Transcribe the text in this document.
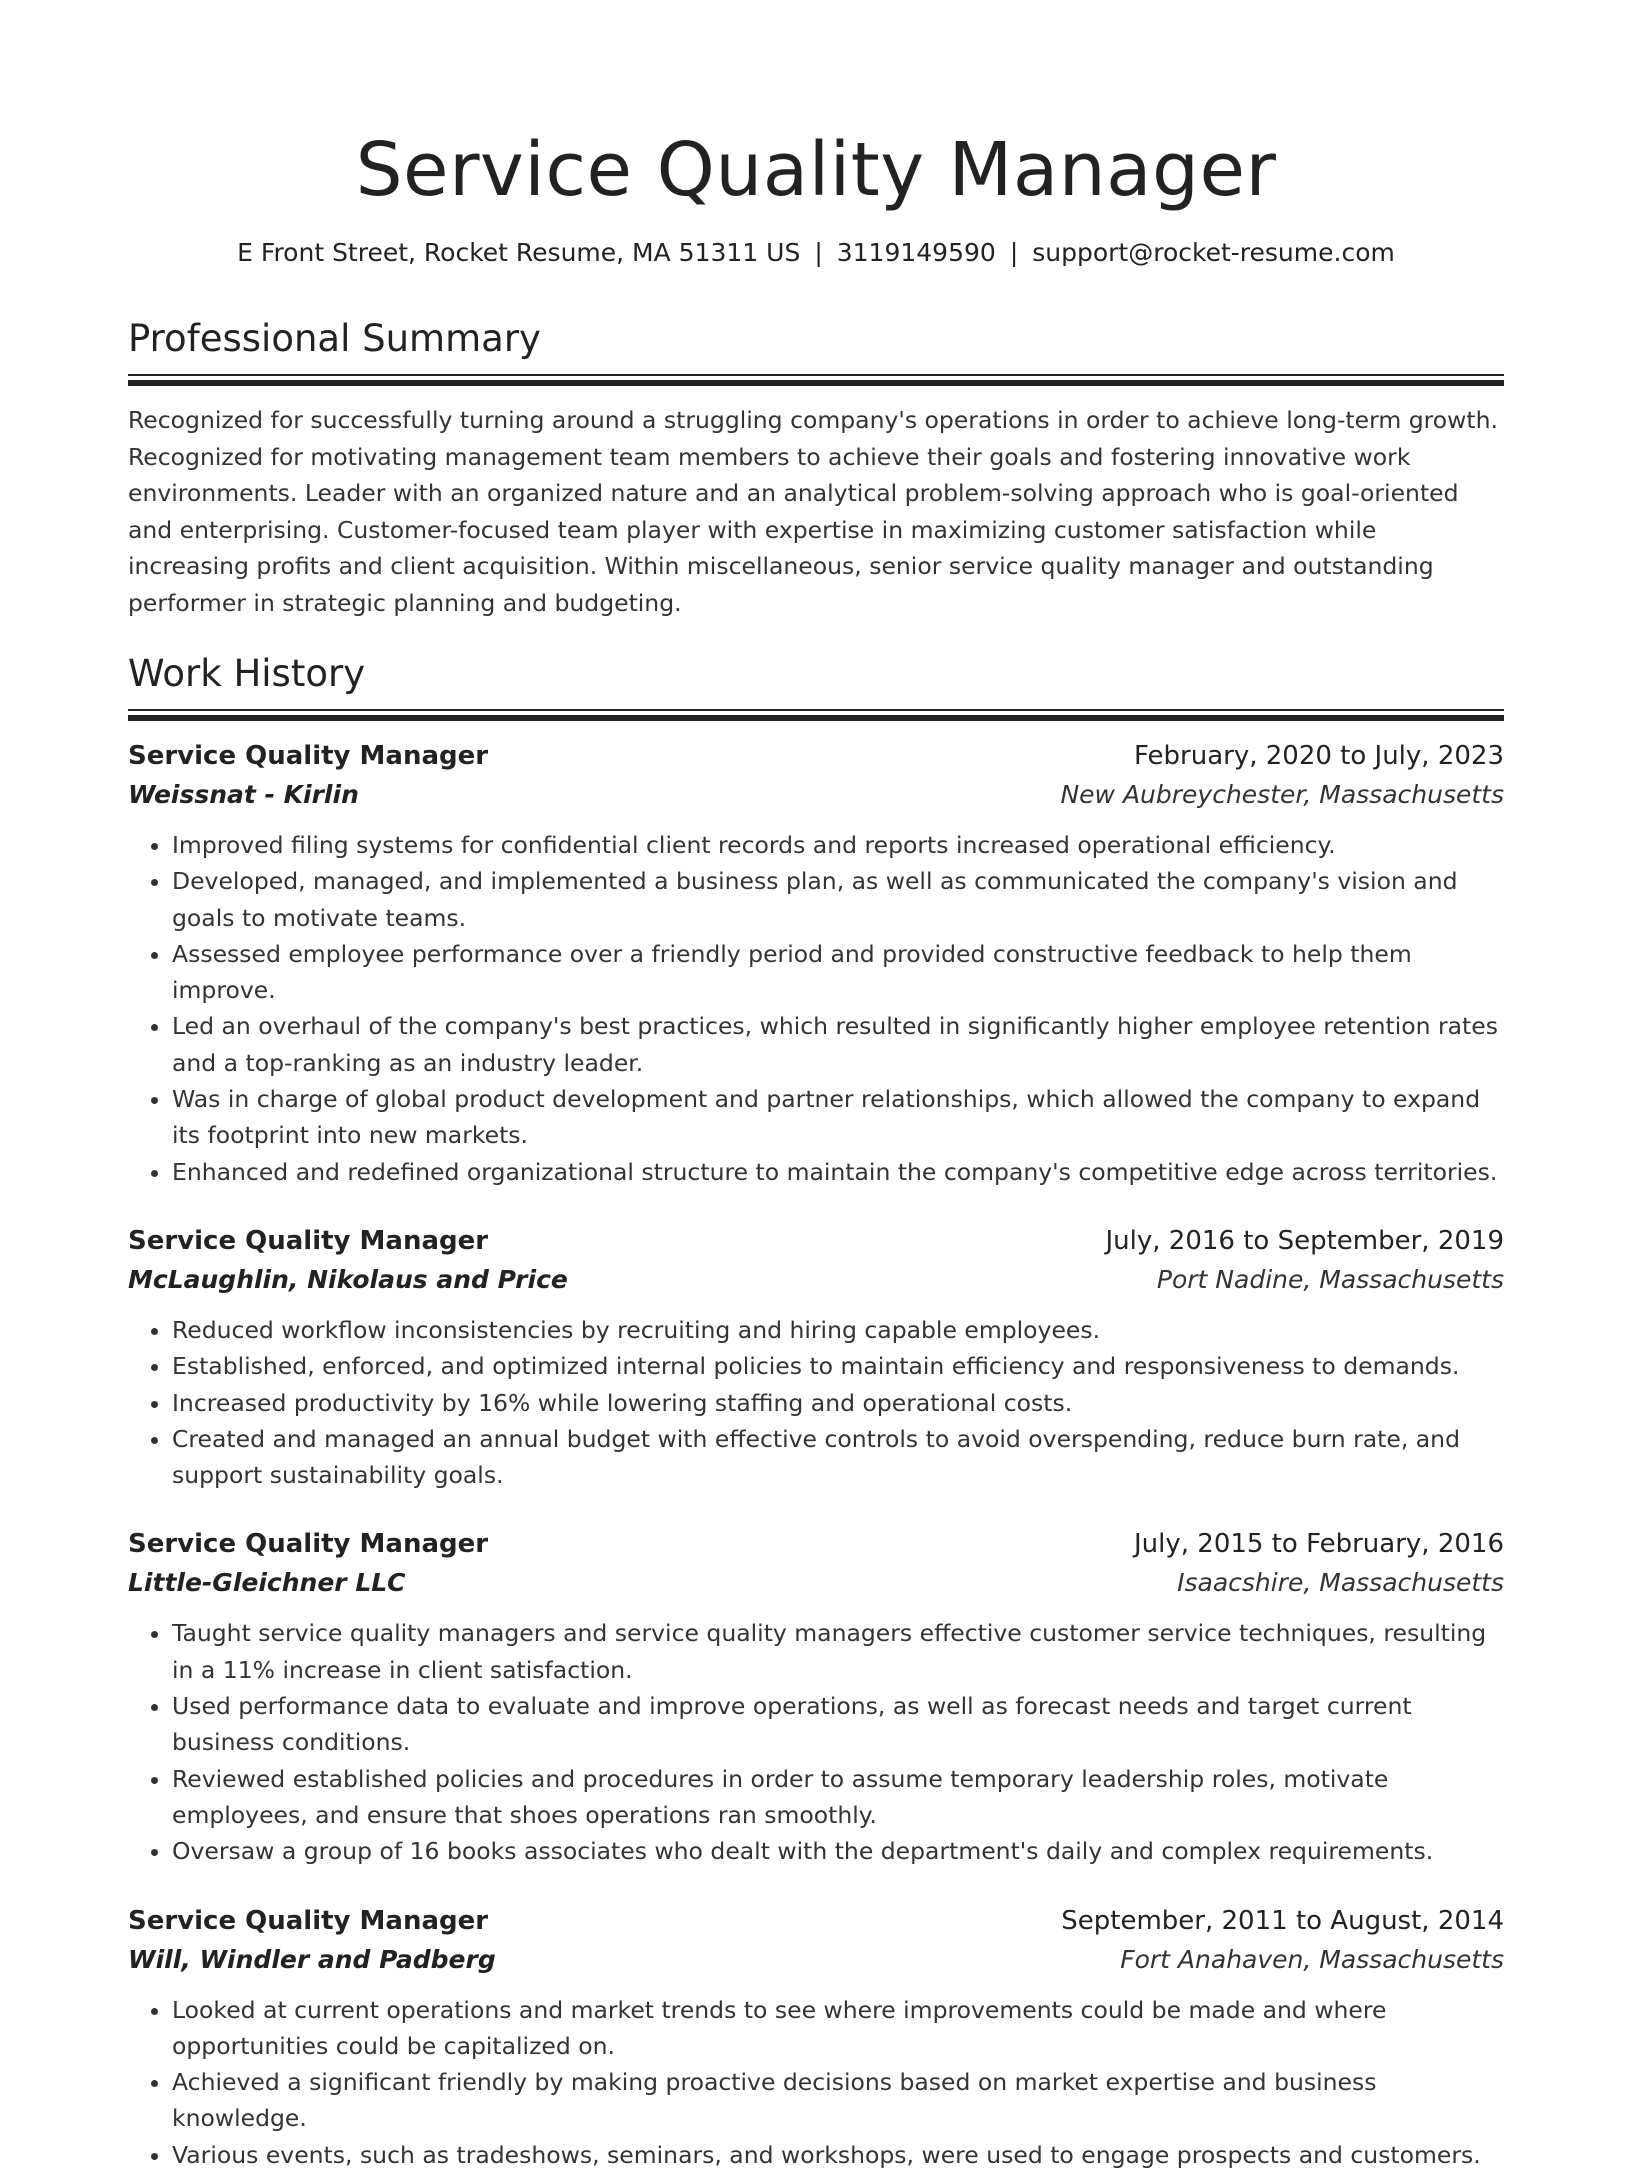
Service Quality Manager
E Front Street, Rocket Resume, MA 51311 US | 3119149590 | support@rocket-resume.com
Professional Summary

Recognized for successfully turning around a struggling company's operations in order to achieve long-term growth. Recognized for motivating management team members to achieve their goals and fostering innovative work environments. Leader with an organized nature and an analytical problem-solving approach who is goal-oriented and enterprising. Customer-focused team player with expertise in maximizing customer satisfaction while increasing profits and client acquisition. Within miscellaneous, senior service quality manager and outstanding performer in strategic planning and budgeting.

Work History
Service Quality Manager	February, 2020 to July, 2023
Weissnat - Kirlin	New Aubreychester, Massachusetts
• Improved filing systems for confidential client records and reports increased operational efficiency.
• Developed, managed, and implemented a business plan, as well as communicated the company's vision and goals to motivate teams.
• Assessed employee performance over a friendly period and provided constructive feedback to help them improve.
• Led an overhaul of the company's best practices, which resulted in significantly higher employee retention rates and a top-ranking as an industry leader.
• Was in charge of global product development and partner relationships, which allowed the company to expand its footprint into new markets.
• Enhanced and redefined organizational structure to maintain the company's competitive edge across territories.
Service Quality Manager	July, 2016 to September, 2019
McLaughlin, Nikolaus and Price	Port Nadine, Massachusetts
• Reduced workflow inconsistencies by recruiting and hiring capable employees.
• Established, enforced, and optimized internal policies to maintain efficiency and responsiveness to demands.
• Increased productivity by 16% while lowering staffing and operational costs.
• Created and managed an annual budget with effective controls to avoid overspending, reduce burn rate, and support sustainability goals.
Service Quality Manager	July, 2015 to February, 2016
Little-Gleichner LLC	Isaacshire, Massachusetts
• Taught service quality managers and service quality managers effective customer service techniques, resulting in a 11% increase in client satisfaction.
• Used performance data to evaluate and improve operations, as well as forecast needs and target current business conditions.
• Reviewed established policies and procedures in order to assume temporary leadership roles, motivate employees, and ensure that shoes operations ran smoothly.
• Oversaw a group of 16 books associates who dealt with the department's daily and complex requirements.
Service Quality Manager	September, 2011 to August, 2014
Will, Windler and Padberg	Fort Anahaven, Massachusetts
• Looked at current operations and market trends to see where improvements could be made and where opportunities could be capitalized on.
• Achieved a significant friendly by making proactive decisions based on market expertise and business knowledge.
• Various events, such as tradeshows, seminars, and workshops, were used to engage prospects and customers.
